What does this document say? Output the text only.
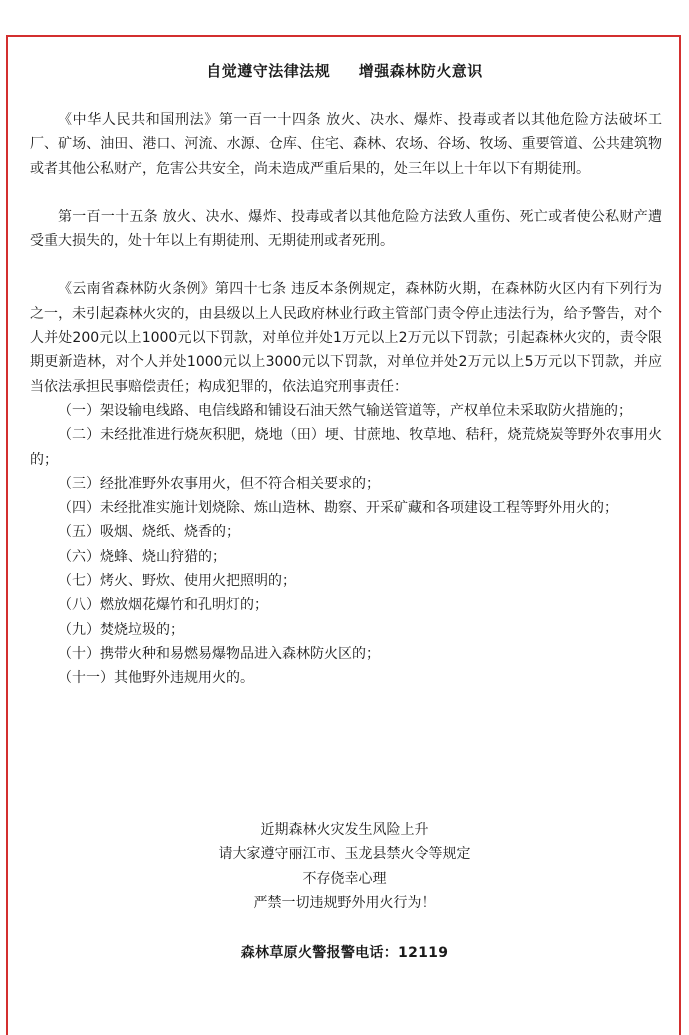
自觉遵守法律法规     增强森林防火意识

《中华人民共和国刑法》第一百一十四条 放火、决水、爆炸、投毒或者以其他危险方法破坏工厂、矿场、油田、港口、河流、水源、仓库、住宅、森林、农场、谷场、牧场、重要管道、公共建筑物或者其他公私财产，危害公共安全，尚未造成严重后果的，处三年以上十年以下有期徒刑。

第一百一十五条 放火、决水、爆炸、投毒或者以其他危险方法致人重伤、死亡或者使公私财产遭受重大损失的，处十年以上有期徒刑、无期徒刑或者死刑。

《云南省森林防火条例》第四十七条 违反本条例规定，森林防火期，在森林防火区内有下列行为之一，未引起森林火灾的，由县级以上人民政府林业行政主管部门责令停止违法行为，给予警告，对个人并处200元以上1000元以下罚款，对单位并处1万元以上2万元以下罚款；引起森林火灾的，责令限期更新造林，对个人并处1000元以上3000元以下罚款，对单位并处2万元以上5万元以下罚款，并应当依法承担民事赔偿责任；构成犯罪的，依法追究刑事责任：

（一）架设输电线路、电信线路和铺设石油天然气输送管道等，产权单位未采取防火措施的；

（二）未经批准进行烧灰积肥，烧地（田）埂、甘蔗地、牧草地、秸秆，烧荒烧炭等野外农事用火的；

（三）经批准野外农事用火，但不符合相关要求的；

（四）未经批准实施计划烧除、炼山造林、勘察、开采矿藏和各项建设工程等野外用火的；

（五）吸烟、烧纸、烧香的；

（六）烧蜂、烧山狩猎的；

（七）烤火、野炊、使用火把照明的；

（八）燃放烟花爆竹和孔明灯的；

（九）焚烧垃圾的；

（十）携带火种和易燃易爆物品进入森林防火区的；

（十一）其他野外违规用火的。

近期森林火灾发生风险上升
请大家遵守丽江市、玉龙县禁火令等规定
不存侥幸心理
严禁一切违规野外用火行为！
森林草原火警报警电话：12119
